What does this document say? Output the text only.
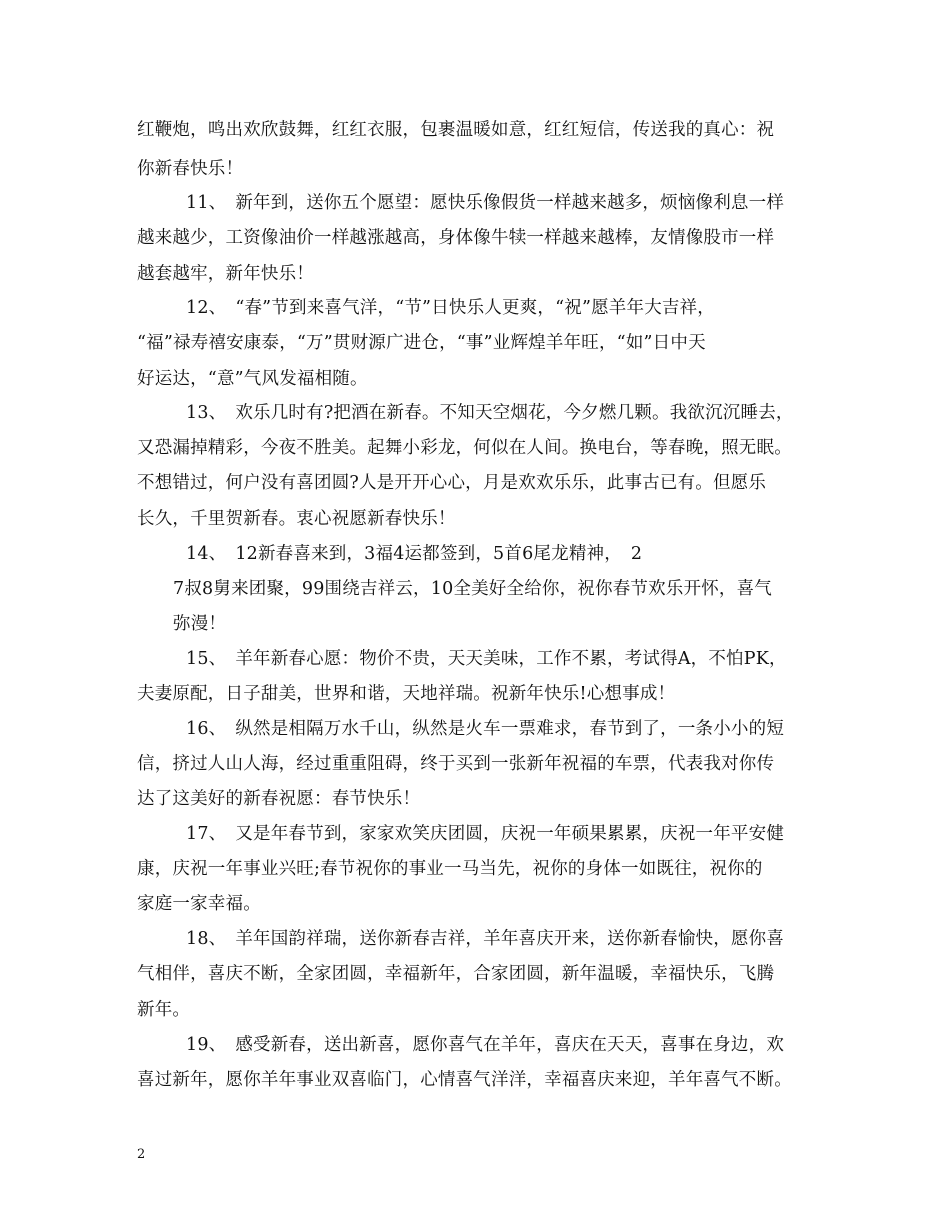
红鞭炮，鸣出欢欣鼓舞，红红衣服，包裹温暖如意，红红短信，传送我的真心：祝
你新春快乐！
11、　新年到，送你五个愿望：愿快乐像假货一样越来越多，烦恼像利息一样
越来越少，工资像油价一样越涨越高，身体像牛犊一样越来越棒，友情像股市一样
越套越牢，新年快乐！
12、　“春”节到来喜气洋，“节”日快乐人更爽，“祝”愿羊年大吉祥，
“福”禄寿禧安康泰，“万”贯财源广进仓，“事”业辉煌羊年旺，“如”日中天
好运达，“意”气风发福相随。
13、　欢乐几时有?把酒在新春。不知天空烟花，今夕燃几颗。我欲沉沉睡去，
又恐漏掉精彩，今夜不胜美。起舞小彩龙，何似在人间。换电台，等春晚，照无眠。
不想错过，何户没有喜团圆?人是开开心心，月是欢欢乐乐，此事古已有。但愿乐
长久，千里贺新春。衷心祝愿新春快乐！
14、　12新春喜来到，3福4运都签到，5首6尾龙精神，　2
7叔8舅来团聚，99围绕吉祥云，10全美好全给你，祝你春节欢乐开怀，喜气
弥漫！
15、　羊年新春心愿：物价不贵，天天美味，工作不累，考试得A，不怕PK，
夫妻原配，日子甜美，世界和谐，天地祥瑞。祝新年快乐!心想事成！
16、　纵然是相隔万水千山，纵然是火车一票难求，春节到了，一条小小的短
信，挤过人山人海，经过重重阻碍，终于买到一张新年祝福的车票，代表我对你传
达了这美好的新春祝愿：春节快乐！
17、　又是年春节到，家家欢笑庆团圆，庆祝一年硕果累累，庆祝一年平安健
康，庆祝一年事业兴旺;春节祝你的事业一马当先，祝你的身体一如既往，祝你的
家庭一家幸福。
18、　羊年国韵祥瑞，送你新春吉祥，羊年喜庆开来，送你新春愉快，愿你喜
气相伴，喜庆不断，全家团圆，幸福新年，合家团圆，新年温暖，幸福快乐，飞腾
新年。
19、　感受新春，送出新喜，愿你喜气在羊年，喜庆在天天，喜事在身边，欢
喜过新年，愿你羊年事业双喜临门，心情喜气洋洋，幸福喜庆来迎，羊年喜气不断。
2
